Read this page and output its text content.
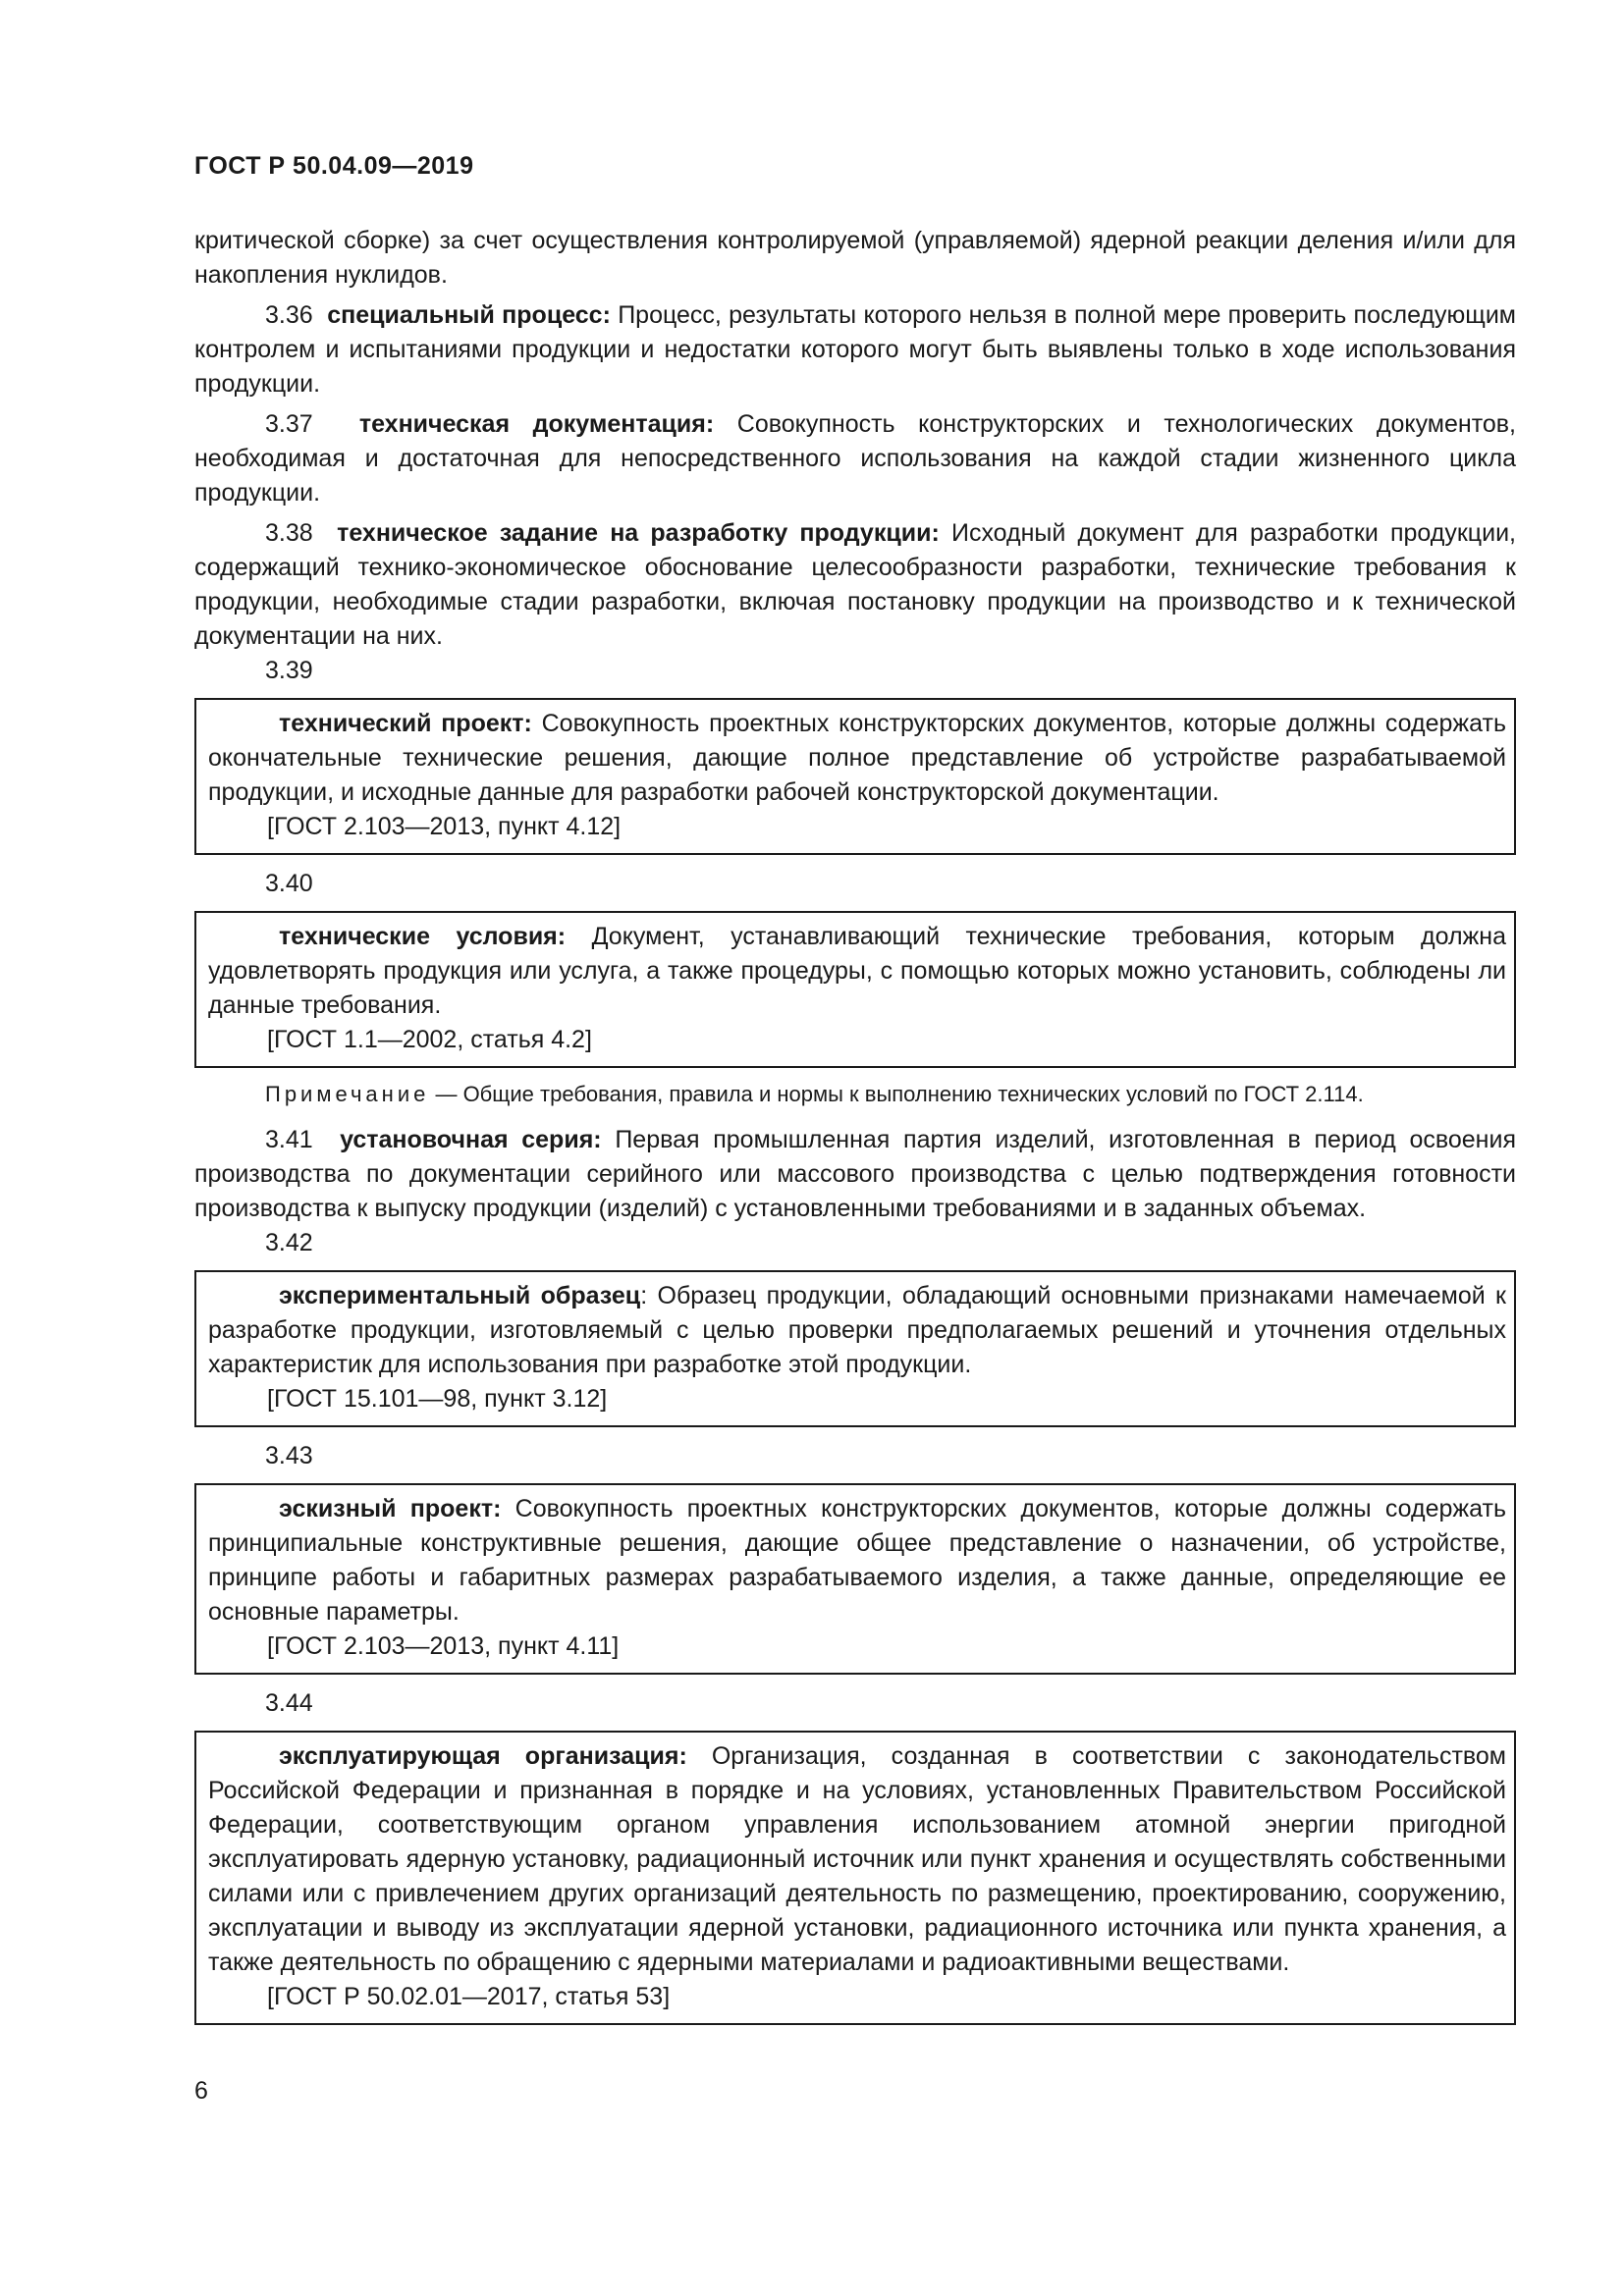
ГОСТ Р 50.04.09—2019

критической сборке) за счет осуществления контролируемой (управляемой) ядерной реакции деления и/или для накопления нуклидов.

3.36 специальный процесс: Процесс, результаты которого нельзя в полной мере проверить последующим контролем и испытаниями продукции и недостатки которого могут быть выявлены только в ходе использования продукции.

3.37 техническая документация: Совокупность конструкторских и технологических документов, необходимая и достаточная для непосредственного использования на каждой стадии жизненного цикла продукции.

3.38 техническое задание на разработку продукции: Исходный документ для разработки продукции, содержащий технико-экономическое обоснование целесообразности разработки, технические требования к продукции, необходимые стадии разработки, включая постановку продукции на производство и к технической документации на них.

3.39

технический проект: Совокупность проектных конструкторских документов, которые должны содержать окончательные технические решения, дающие полное представление об устройстве разрабатываемой продукции, и исходные данные для разработки рабочей конструкторской документации.

[ГОСТ 2.103—2013, пункт 4.12]

3.40

технические условия: Документ, устанавливающий технические требования, которым должна удовлетворять продукция или услуга, а также процедуры, с помощью которых можно установить, соблюдены ли данные требования.

[ГОСТ 1.1—2002, статья 4.2]

Примечание — Общие требования, правила и нормы к выполнению технических условий по ГОСТ 2.114.

3.41 установочная серия: Первая промышленная партия изделий, изготовленная в период освоения производства по документации серийного или массового производства с целью подтверждения готовности производства к выпуску продукции (изделий) с установленными требованиями и в заданных объемах.

3.42

экспериментальный образец: Образец продукции, обладающий основными признаками намечаемой к разработке продукции, изготовляемый с целью проверки предполагаемых решений и уточнения отдельных характеристик для использования при разработке этой продукции.

[ГОСТ 15.101—98, пункт 3.12]

3.43

эскизный проект: Совокупность проектных конструкторских документов, которые должны содержать принципиальные конструктивные решения, дающие общее представление о назначении, об устройстве, принципе работы и габаритных размерах разрабатываемого изделия, а также данные, определяющие ее основные параметры.

[ГОСТ 2.103—2013, пункт 4.11]

3.44

эксплуатирующая организация: Организация, созданная в соответствии с законодательством Российской Федерации и признанная в порядке и на условиях, установленных Правительством Российской Федерации, соответствующим органом управления использованием атомной энергии пригодной эксплуатировать ядерную установку, радиационный источник или пункт хранения и осуществлять собственными силами или с привлечением других организаций деятельность по размещению, проектированию, сооружению, эксплуатации и выводу из эксплуатации ядерной установки, радиационного источника или пункта хранения, а также деятельность по обращению с ядерными материалами и радиоактивными веществами.

[ГОСТ Р 50.02.01—2017, статья 53]

6
